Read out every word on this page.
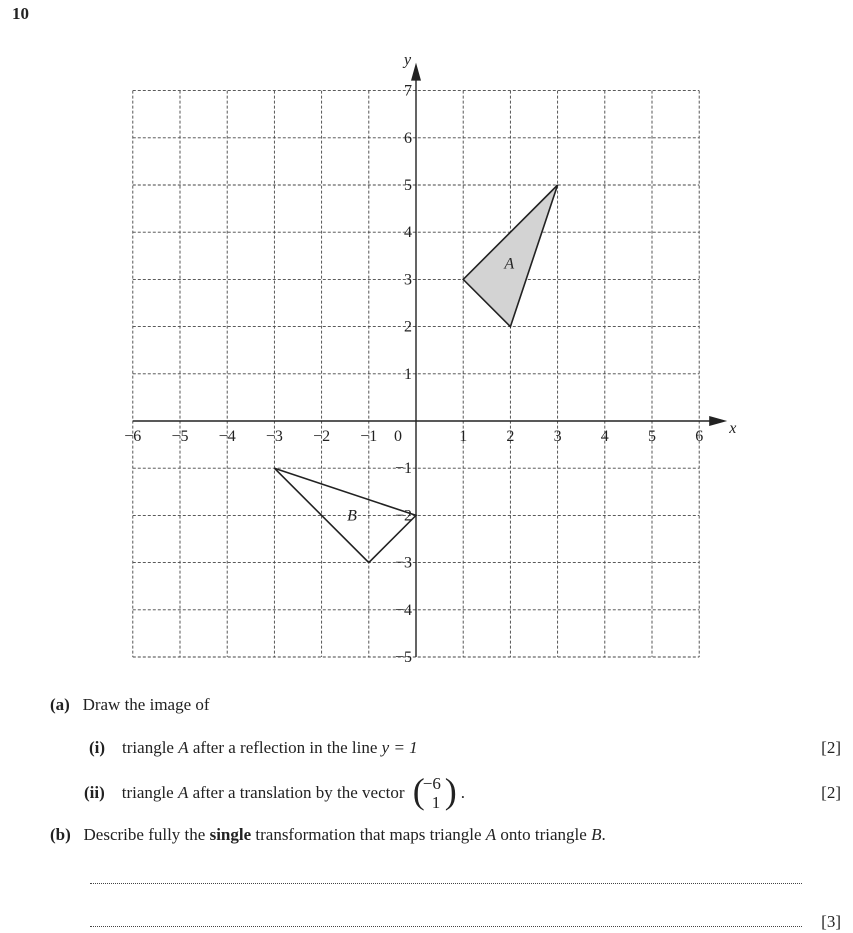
10
A
B
−6 −5 −4 −3 −2 −1 0	1 2 3 4 5 6
7
6
5
4
3
2
1
−1
−2
−3
−4
−5
x
y
(a) Draw the image of
(i) triangle A after a reflection in the line y = 1	[2]
(ii) triangle A after a translation by the vector (
−6
1 ) .	[2]
(b) Describe fully the single transformation that maps triangle A onto triangle B.
[3]
